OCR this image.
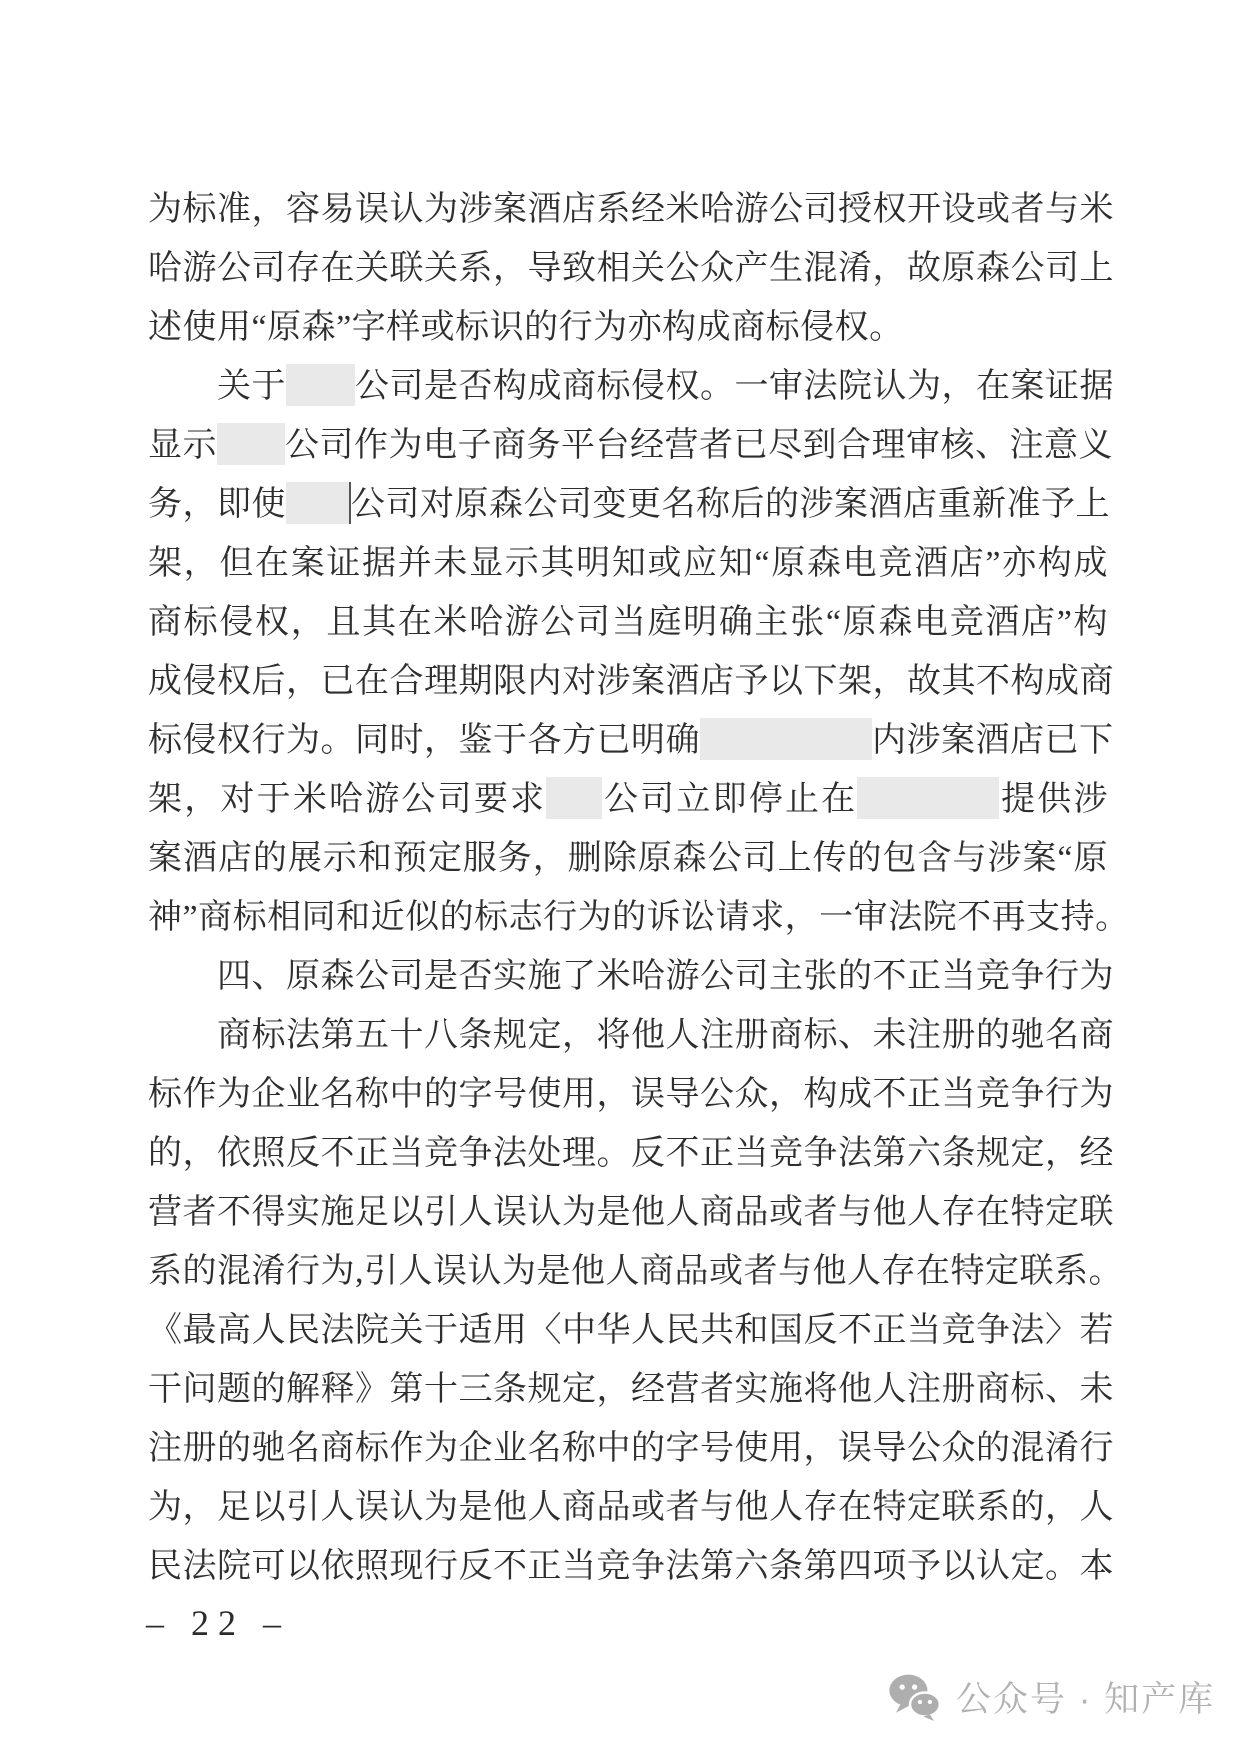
为标准，容易误认为涉案酒店系经米哈游公司授权开设或者与米
哈游公司存在关联关系，导致相关公众产生混淆，故原森公司上
述使用“原森”字样或标识的行为亦构成商标侵权。
关于 公司是否构成商标侵权。一审法院认为，在案证据
显示 公司作为电子商务平台经营者已尽到合理审核、注意义
务，即使 公司对原森公司变更名称后的涉案酒店重新准予上
架，但在案证据并未显示其明知或应知“原森电竞酒店”亦构成
商标侵权，且其在米哈游公司当庭明确主张“原森电竞酒店”构
成侵权后，已在合理期限内对涉案酒店予以下架，故其不构成商
标侵权行为。同时，鉴于各方已明确	内涉案酒店已下
架，对于米哈游公司要求 公司立即停止在	提供涉
案酒店的展示和预定服务，删除原森公司上传的包含与涉案“原
神”商标相同和近似的标志行为的诉讼请求，一审法院不再支持。
四、原森公司是否实施了米哈游公司主张的不正当竞争行为
商标法第五十八条规定，将他人注册商标、未注册的驰名商
标作为企业名称中的字号使用，误导公众，构成不正当竞争行为
的，依照反不正当竞争法处理。反不正当竞争法第六条规定，经
营者不得实施足以引人误认为是他人商品或者与他人存在特定联
系的混淆行为,引人误认为是他人商品或者与他人存在特定联系。
《最高人民法院关于适用〈中华人民共和国反不正当竞争法〉若
干问题的解释》第十三条规定，经营者实施将他人注册商标、未
注册的驰名商标作为企业名称中的字号使用，误导公众的混淆行
为，足以引人误认为是他人商品或者与他人存在特定联系的，人
民法院可以依照现行反不正当竞争法第六条第四项予以认定。本
– 22 –
公众号 · 知产库
